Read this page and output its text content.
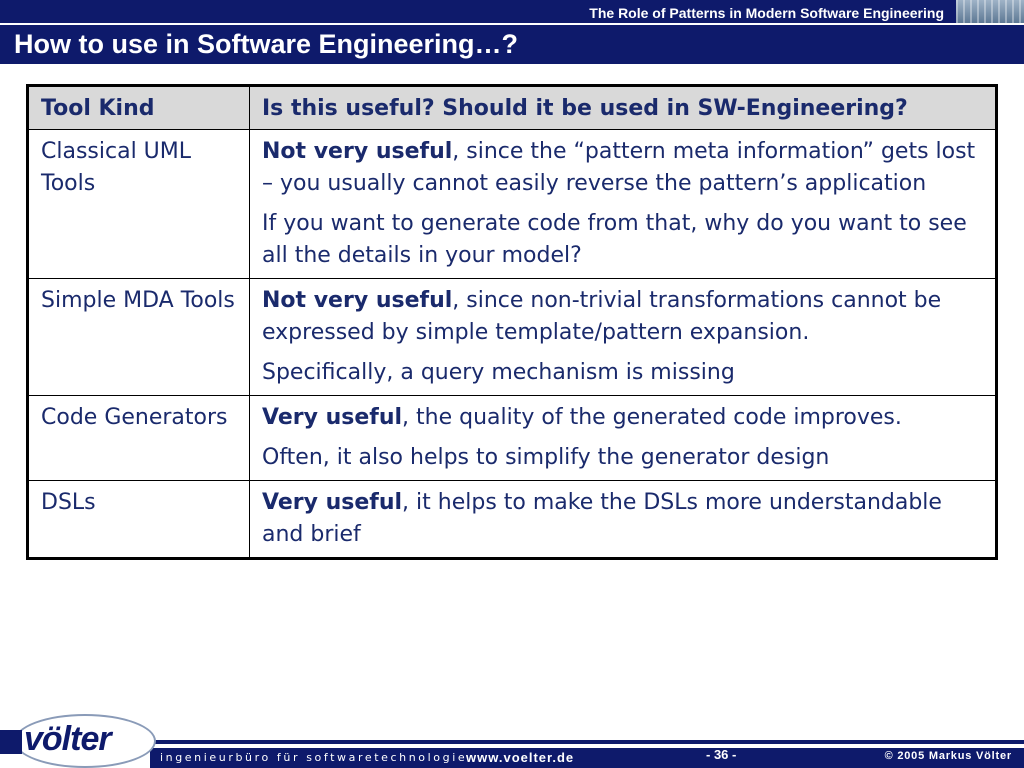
The Role of Patterns in Modern Software Engineering
How to use in Software Engineering…?
Tool Kind	Is this useful? Should it be used in SW-Engineering?
Classical UML Tools	Not very useful, since the “pattern meta information” gets lost – you usually cannot easily reverse the pattern’s application

If you want to generate code from that, why do you want to see all the details in your model?

Simple MDA Tools	Not very useful, since non-trivial transformations cannot be expressed by simple template/pattern expansion.

Specifically, a query mechanism is missing

Code Generators	Very useful, the quality of the generated code improves.

Often, it also helps to simplify the generator design

DSLs	Very useful, it helps to make the DSLs more understandable and brief

ingenieurbüro für softwaretechnologie
www.voelter.de	- 36 -	© 2005 Markus Völter
völter
